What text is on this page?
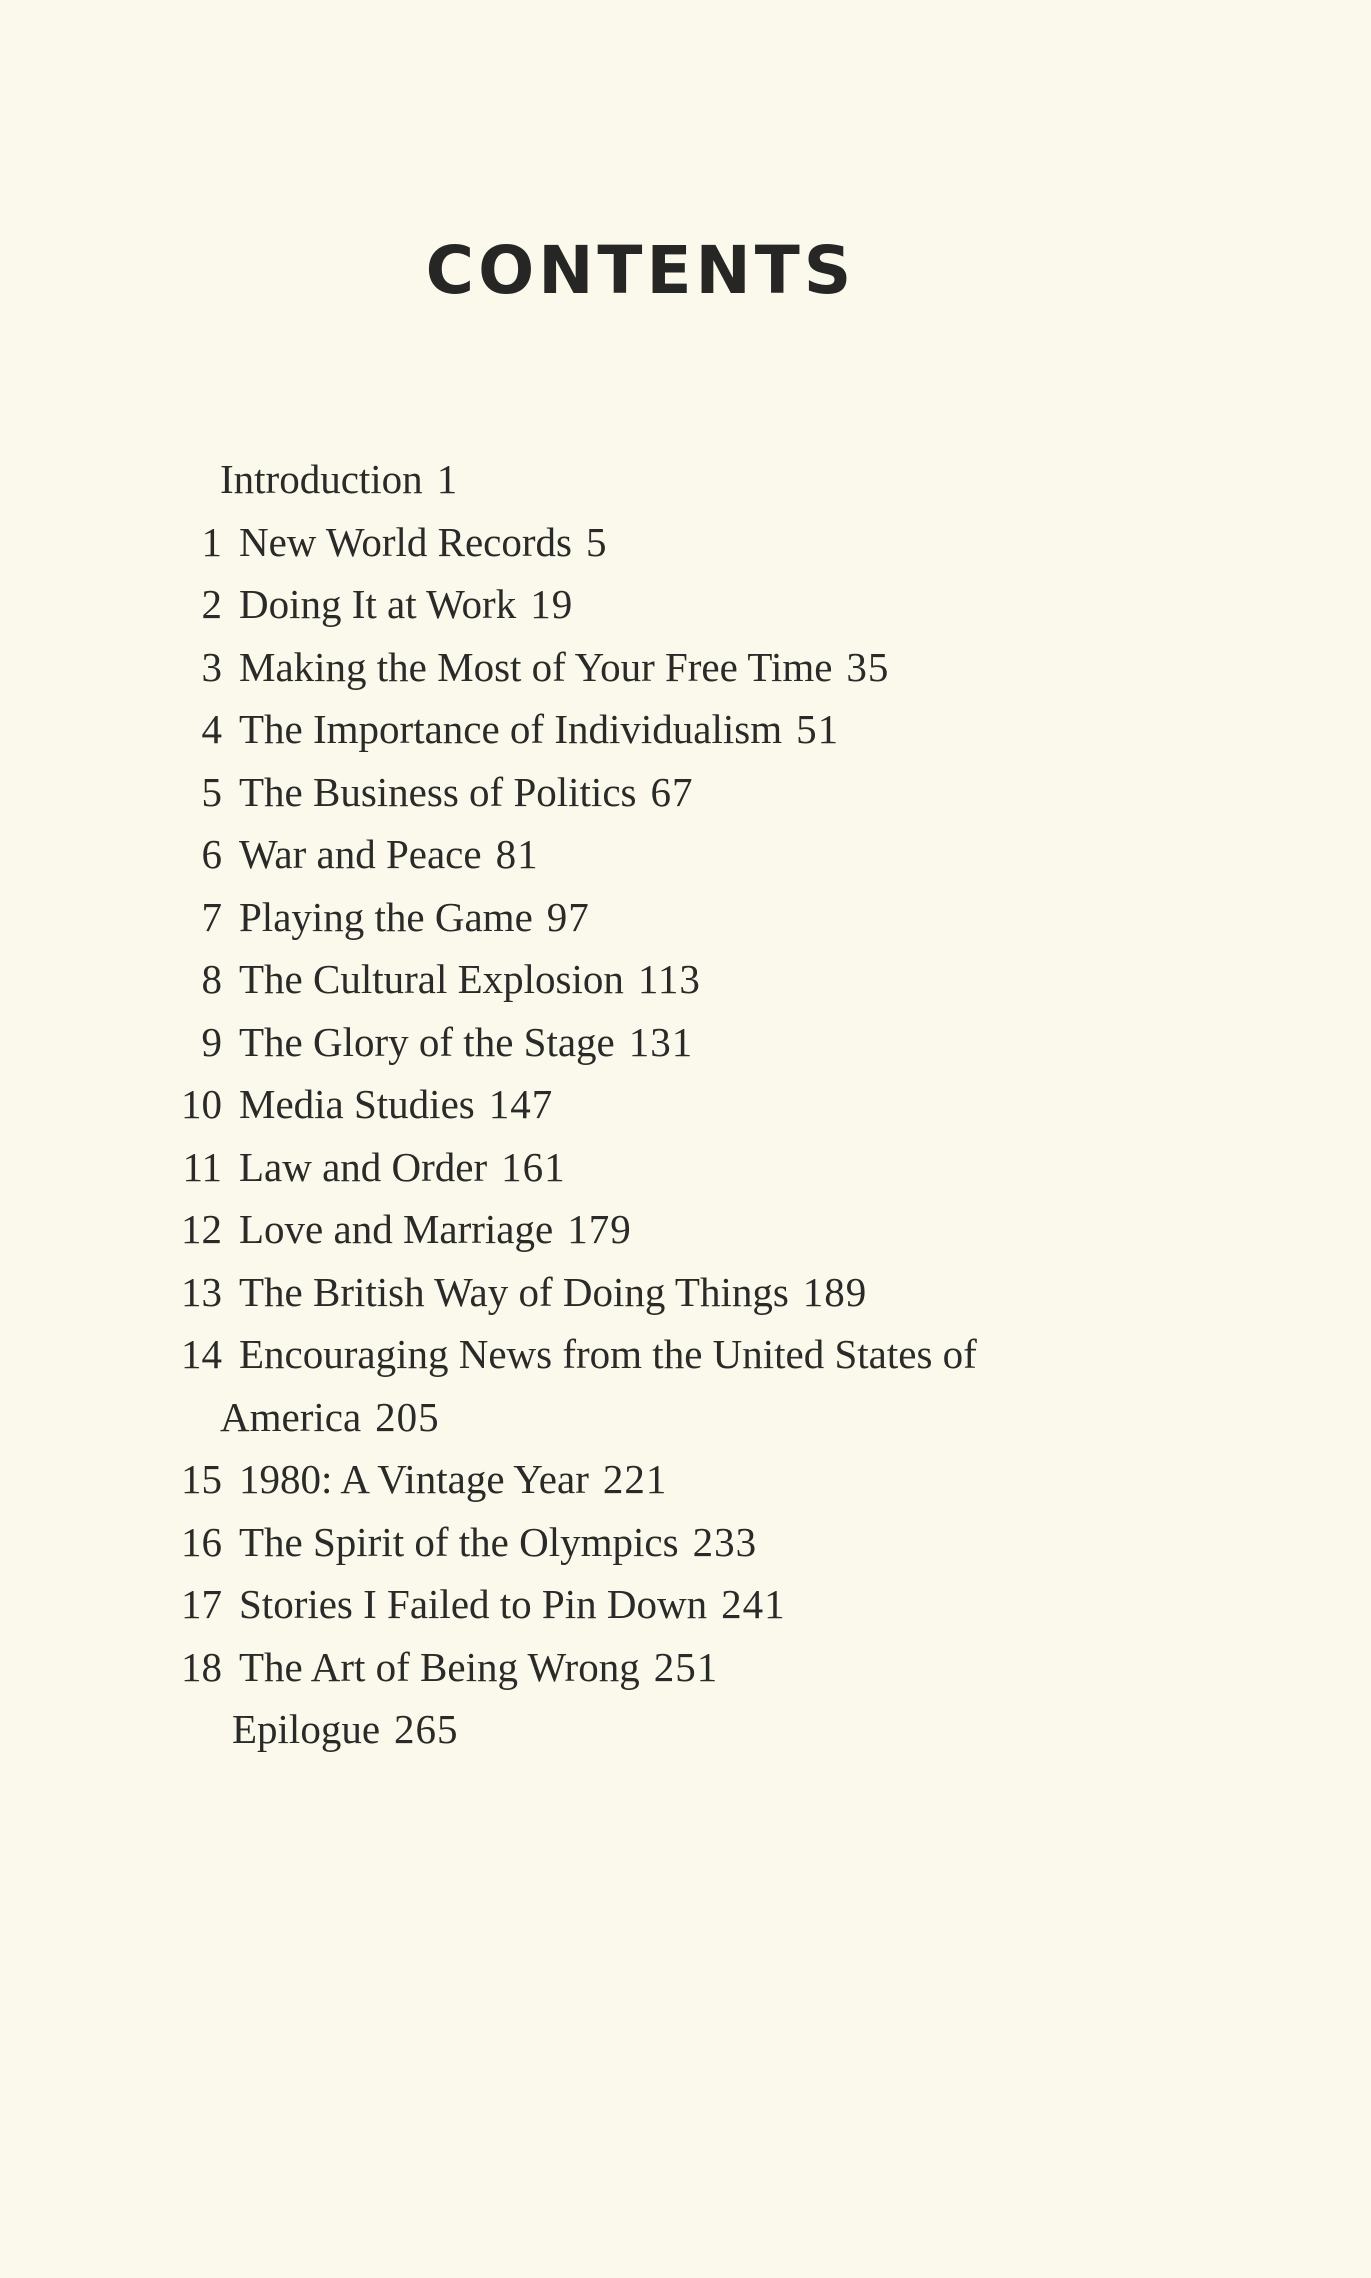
CONTENTS
Introduction 1
1 New World Records 5
2 Doing It at Work 19
3 Making the Most of Your Free Time 35
4 The Importance of Individualism 51
5 The Business of Politics 67
6 War and Peace 81
7 Playing the Game 97
8 The Cultural Explosion 113
9 The Glory of the Stage 131
10 Media Studies 147
11 Law and Order 161
12 Love and Marriage 179
13 The British Way of Doing Things 189
14 Encouraging News from the United States of
America 205
15 1980: A Vintage Year 221
16 The Spirit of the Olympics 233
17 Stories I Failed to Pin Down 241
18 The Art of Being Wrong 251
Epilogue 265
